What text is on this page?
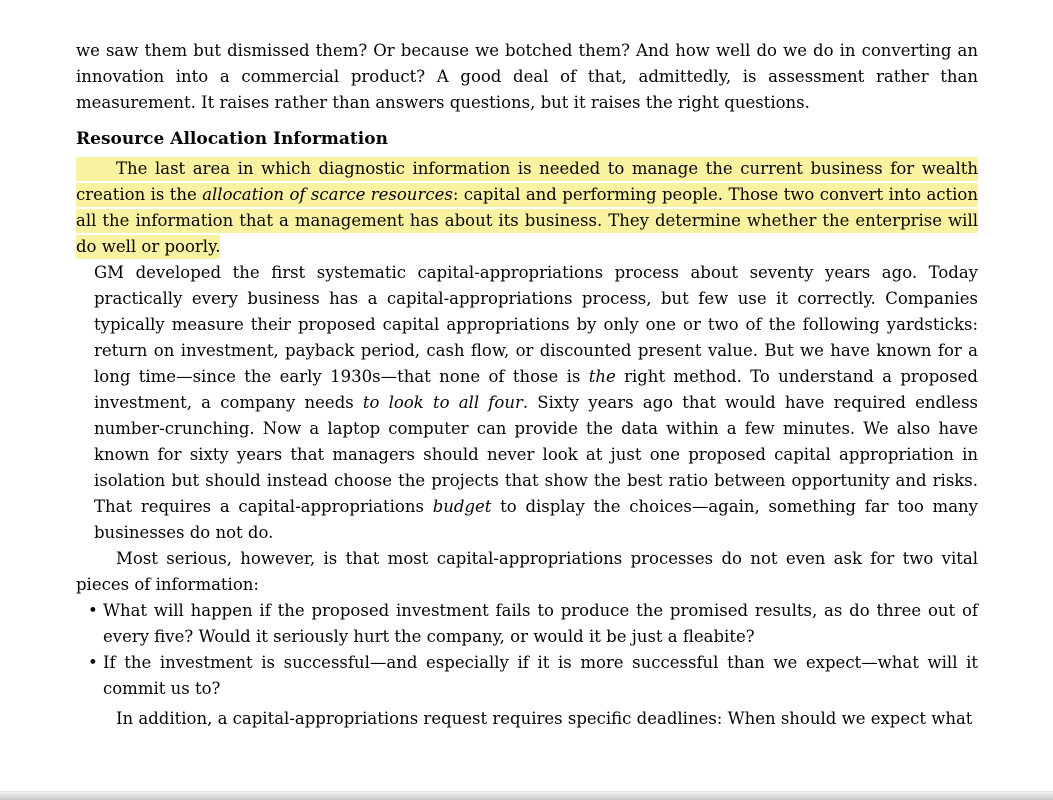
we saw them but dismissed them? Or because we botched them? And how well do we do in converting an innovation into a commercial product? A good deal of that, admittedly, is assessment rather than measurement. It raises rather than answers questions, but it raises the right questions.

Resource Allocation Information

The last area in which diagnostic information is needed to manage the current business for wealth creation is the allocation of scarce resources: capital and performing people. Those two convert into action all the information that a management has about its business. They determine whether the enterprise will do well or poorly.

GM developed the first systematic capital-appropriations process about seventy years ago. Today practically every business has a capital-appropriations process, but few use it correctly. Companies typically measure their proposed capital appropriations by only one or two of the following yardsticks: return on investment, payback period, cash flow, or discounted present value. But we have known for a long time—since the early 1930s—that none of those is the right method. To understand a proposed investment, a company needs to look to all four. Sixty years ago that would have required endless number-crunching. Now a laptop computer can provide the data within a few minutes. We also have known for sixty years that managers should never look at just one proposed capital appropriation in isolation but should instead choose the projects that show the best ratio between opportunity and risks. That requires a capital-appropriations budget to display the choices—again, something far too many businesses do not do.

Most serious, however, is that most capital-appropriations processes do not even ask for two vital pieces of information:

• What will happen if the proposed investment fails to produce the promised results, as do three out of every five? Would it seriously hurt the company, or would it be just a fleabite?
• If the investment is successful—and especially if it is more successful than we expect—what will it commit us to?

In addition, a capital-appropriations request requires specific deadlines: When should we expect what
